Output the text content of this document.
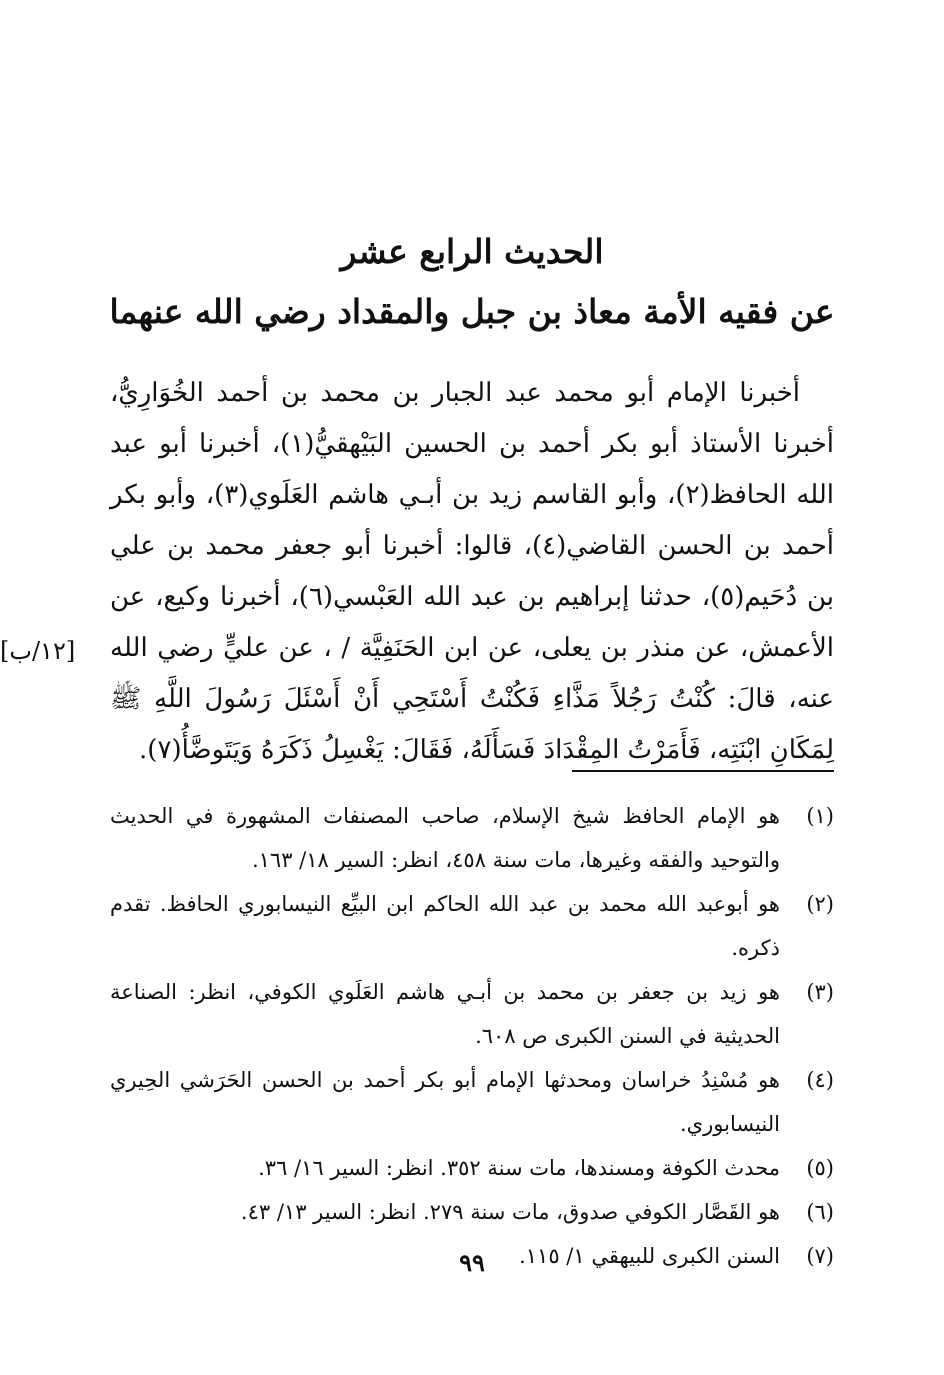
الحديث الرابع عشر
عن فقيه الأمة معاذ بن جبل والمقداد رضي الله عنهما

أخبرنا الإمام أبو محمد عبد الجبار بن محمد بن أحمد الخُوَارِيُّ، أخبرنا الأستاذ أبو بكر أحمد بن الحسين البَيْهقيُّ(١)، أخبرنا أبو عبد الله الحافظ(٢)، وأبو القاسم زيد بن أبـي هاشم العَلَوي(٣)، وأبو بكر أحمد بن الحسن القاضي(٤)، قالوا: أخبرنا أبو جعفر محمد بن علي بن دُحَيم(٥)، حدثنا إبراهيم بن عبد الله العَبْسي(٦)، أخبرنا وكيع، عن الأعمش، عن منذر بن يعلى، عن ابن الحَنَفِيَّة / ، عن عليٍّ رضي الله عنه، قالَ: كُنْتُ رَجُلاً مَذَّاءِ فَكُنْتُ أَسْتَحِي أَنْ أَسْئَلَ رَسُولَ اللَّهِ ﷺ لِمَكَانِ ابْنَتِه، فَأَمَرْتُ المِقْدَادَ فَسَأَلَهُ، فَقَالَ: يَغْسِلُ ذَكَرَهُ وَيَتَوضَّأُ(٧).

[١٢/ب]
(١)
هو الإمام الحافظ شيخ الإسلام، صاحب المصنفات المشهورة في الحديث والتوحيد والفقه وغيرها، مات سنة ٤٥٨، انظر: السير ١٨/ ١٦٣.
(٢)
هو أبوعبد الله محمد بن عبد الله الحاكم ابن البيِّع النيسابوري الحافظ. تقدم ذكره.
(٣)
هو زيد بن جعفر بن محمد بن أبـي هاشم العَلَوي الكوفي، انظر: الصناعة الحديثية في السنن الكبرى ص ٦٠٨.
(٤)
هو مُسْنِدُ خراسان ومحدثها الإمام أبو بكر أحمد بن الحسن الحَرَشي الحِيري النيسابوري.
(٥)
محدث الكوفة ومسندها، مات سنة ٣٥٢. انظر: السير ١٦/ ٣٦.
(٦)
هو القَصَّار الكوفي صدوق، مات سنة ٢٧٩. انظر: السير ١٣/ ٤٣.
(٧)
السنن الكبرى للبيهقي ١/ ١١٥.
٩٩
